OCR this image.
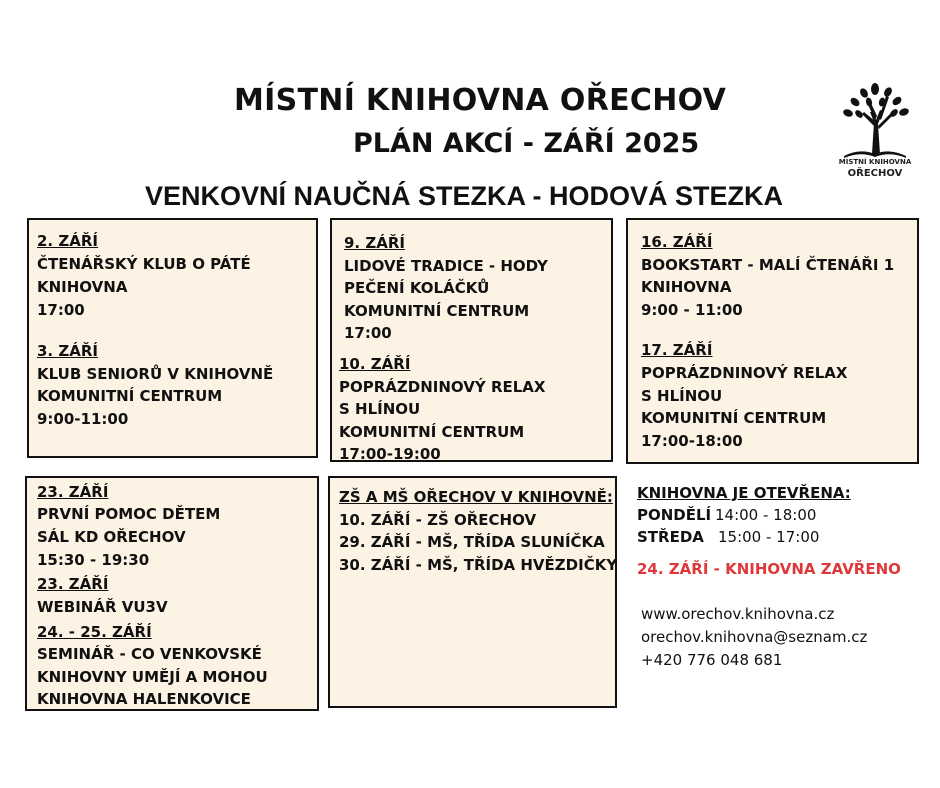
MÍSTNÍ KNIHOVNA OŘECHOV
PLÁN AKCÍ - ZÁŘÍ 2025
VENKOVNÍ NAUČNÁ STEZKA - HODOVÁ STEZKA
MÍSTNÍ KNIHOVNA
OŘECHOV
2. ZÁŘÍ
ČTENÁŘSKÝ KLUB O PÁTÉ
KNIHOVNA
17:00
3. ZÁŘÍ
KLUB SENIORŮ V KNIHOVNĚ
KOMUNITNÍ CENTRUM
9:00-11:00
9. ZÁŘÍ
LIDOVÉ TRADICE - HODY
PEČENÍ KOLÁČKŮ
KOMUNITNÍ CENTRUM
17:00
10. ZÁŘÍ
POPRÁZDNINOVÝ RELAX
S HLÍNOU
KOMUNITNÍ CENTRUM
17:00-19:00
16. ZÁŘÍ
BOOKSTART - MALÍ ČTENÁŘI 1
KNIHOVNA
9:00 - 11:00
17. ZÁŘÍ
POPRÁZDNINOVÝ RELAX
S HLÍNOU
KOMUNITNÍ CENTRUM
17:00-18:00
23. ZÁŘÍ
PRVNÍ POMOC DĚTEM
SÁL KD OŘECHOV
15:30 - 19:30
23. ZÁŘÍ
WEBINÁŘ VU3V
24. - 25. ZÁŘÍ
SEMINÁŘ - CO VENKOVSKÉ
KNIHOVNY UMĚJÍ A MOHOU
KNIHOVNA HALENKOVICE
ZŠ A MŠ OŘECHOV V KNIHOVNĚ:
10. ZÁŘÍ - ZŠ OŘECHOV
29. ZÁŘÍ - MŠ, TŘÍDA SLUNÍČKA
30. ZÁŘÍ - MŠ, TŘÍDA HVĚZDIČKY
KNIHOVNA JE OTEVŘENA:
PONDĚLÍ 14:00 - 18:00
STŘEDA 15:00 - 17:00
24. ZÁŘÍ - KNIHOVNA ZAVŘENO
www.orechov.knihovna.cz
orechov.knihovna@seznam.cz
+420 776 048 681
